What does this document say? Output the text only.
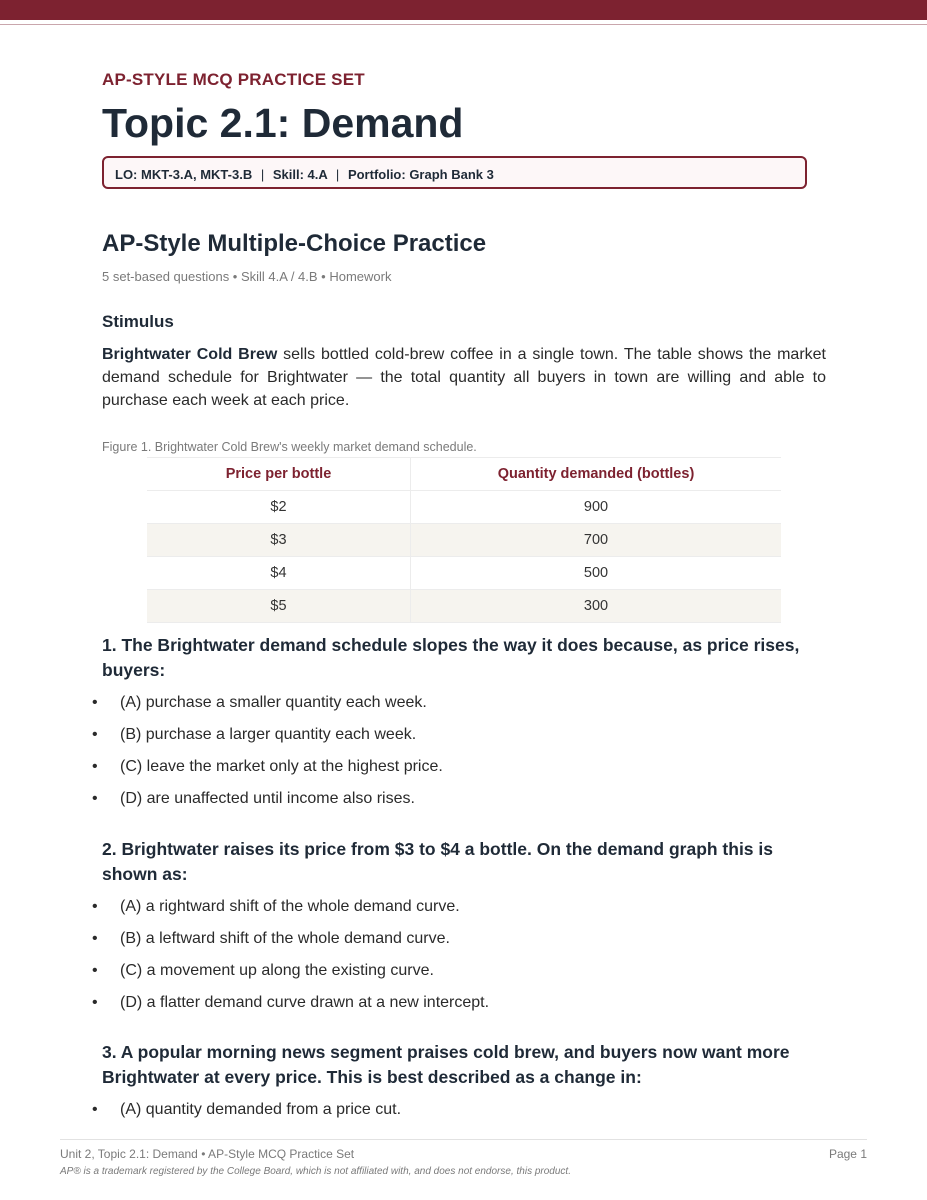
AP-STYLE MCQ PRACTICE SET
Topic 2.1: Demand
LO: MKT-3.A, MKT-3.B | Skill: 4.A | Portfolio: Graph Bank 3
AP-Style Multiple-Choice Practice
5 set-based questions • Skill 4.A / 4.B • Homework
Stimulus

Brightwater Cold Brew sells bottled cold-brew coffee in a single town. The table shows the market demand schedule for Brightwater — the total quantity all buyers in town are willing and able to purchase each week at each price.

Figure 1. Brightwater Cold Brew's weekly market demand schedule.
Price per bottle	Quantity demanded (bottles)
$2	900
$3	700
$4	500
$5	300

1. The Brightwater demand schedule slopes the way it does because, as price rises, buyers:

• (A) purchase a smaller quantity each week.
• (B) purchase a larger quantity each week.
• (C) leave the market only at the highest price.
• (D) are unaffected until income also rises.

2. Brightwater raises its price from $3 to $4 a bottle. On the demand graph this is shown as:

• (A) a rightward shift of the whole demand curve.
• (B) a leftward shift of the whole demand curve.
• (C) a movement up along the existing curve.
• (D) a flatter demand curve drawn at a new intercept.

3. A popular morning news segment praises cold brew, and buyers now want more Brightwater at every price. This is best described as a change in:

• (A) quantity demanded from a price cut.
Unit 2, Topic 2.1: Demand • AP-Style MCQ Practice Set	Page 1
AP® is a trademark registered by the College Board, which is not affiliated with, and does not endorse, this product.
